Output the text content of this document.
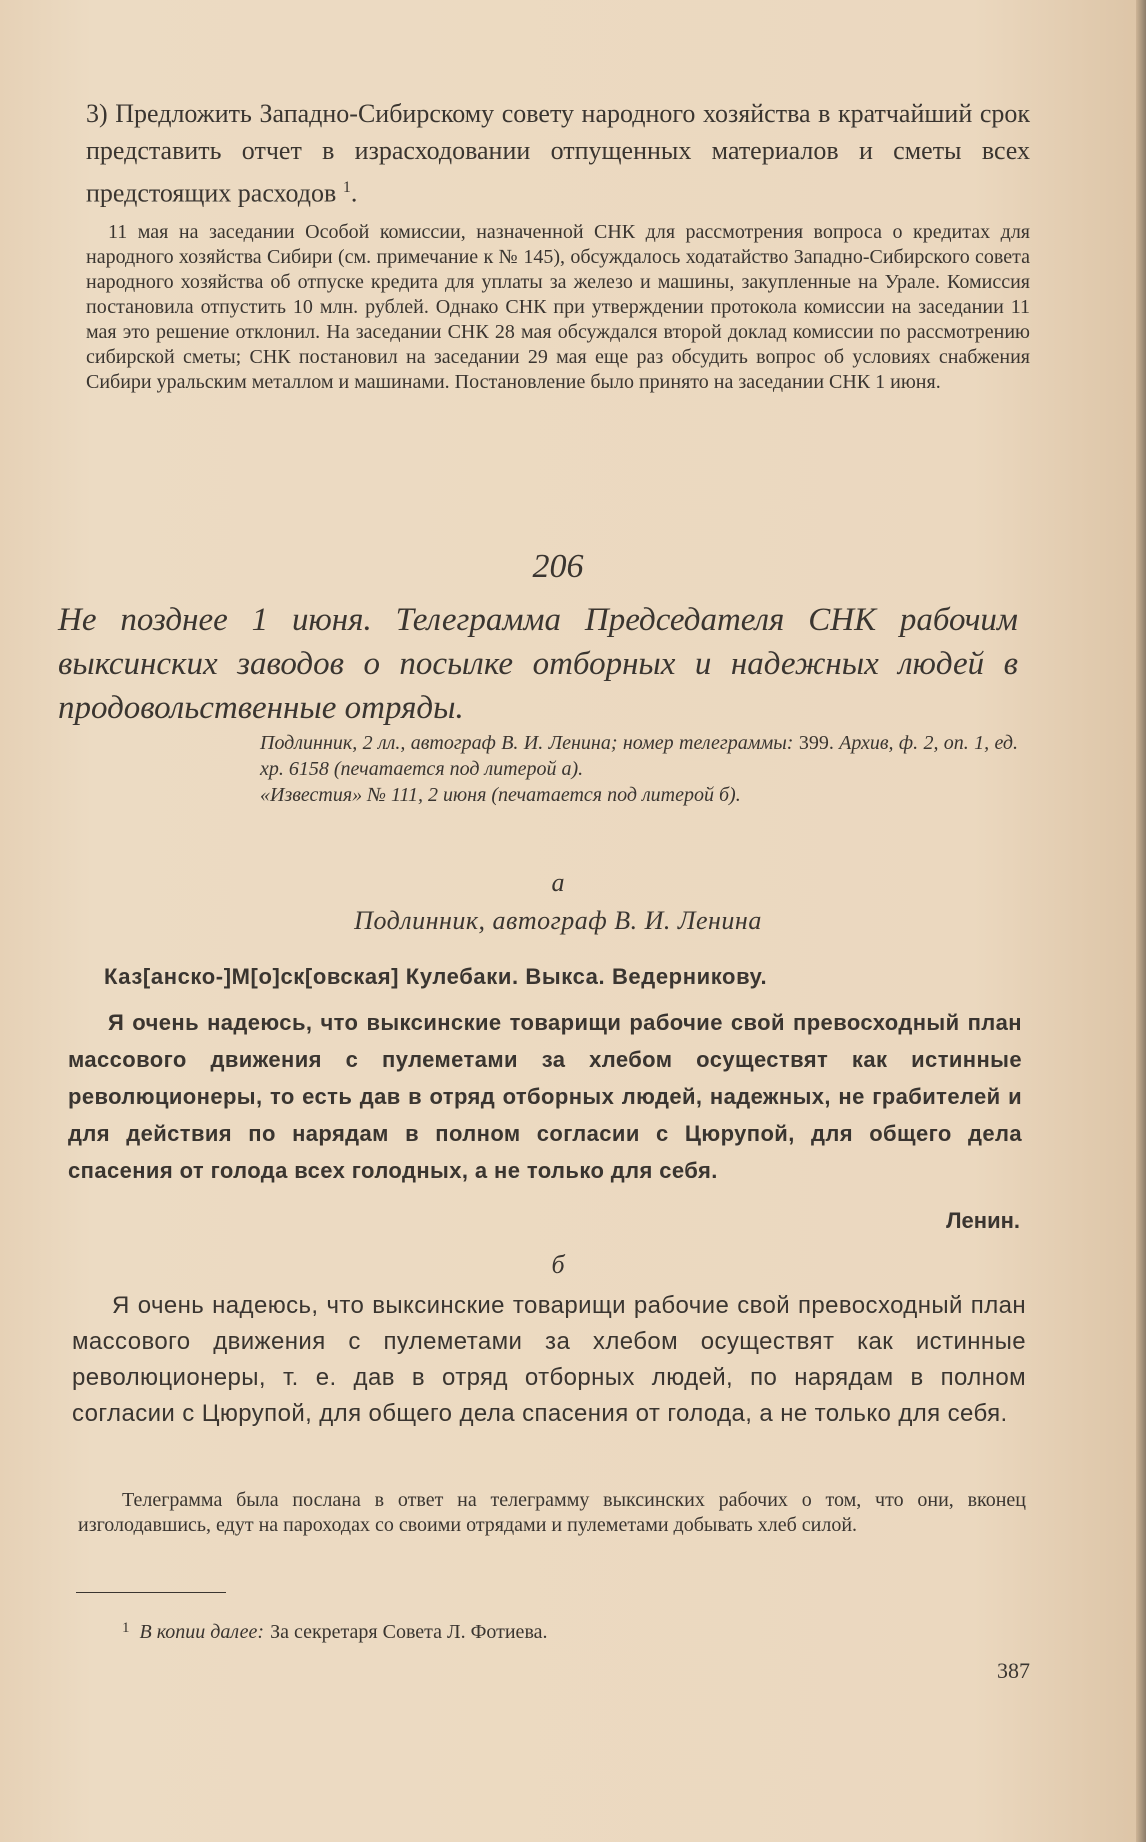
3) Предложить Западно-Сибирскому совету народного хозяйства в кратчайший срок представить отчет в израсходовании отпущенных материалов и сметы всех предстоящих расходов $^1$.

11 мая на заседании Особой комиссии, назначенной СНК для рассмотрения вопроса о кредитах для народного хозяйства Сибири (см. примечание к № 145), обсуждалось ходатайство Западно-Сибирского совета народного хозяйства об отпуске кредита для уплаты за железо и машины, закупленные на Урале. Комиссия постановила отпустить 10 млн. рублей. Однако СНК при утверждении протокола комиссии на заседании 11 мая это решение отклонил. На заседании СНК 28 мая обсуждался второй доклад комиссии по рассмотрению сибирской сметы; СНК постановил на заседании 29 мая еще раз обсудить вопрос об условиях снабжения Сибири уральским металлом и машинами. Постановление было принято на заседании СНК 1 июня.

206
Не позднее 1 июня. Телеграмма Председателя СНК рабочим выксинских заводов о посылке отборных и надежных людей в продовольственные отряды.

Подлинник, 2 лл., автограф В. И. Ленина; номер телеграммы: 399. Архив, ф. 2, оп. 1, ед. хр. 6158 (печатается под литерой а).

«Известия» № 111, 2 июня (печатается под литерой б).

а
Подлинник, автограф В. И. Ленина
Каз[анско-]М[о]ск[овская] Кулебаки. Выкса. Ведерникову.

Я очень надеюсь, что выксинские товарищи рабочие свой превосходный план массового движения с пулеметами за хлебом осуществят как истинные революционеры, то есть дав в отряд отборных людей, надежных, не грабителей и для действия по нарядам в полном согласии с Цюрупой, для общего дела спасения от голода всех голодных, а не только для себя.

Ленин.
б

Я очень надеюсь, что выксинские товарищи рабочие свой превосходный план массового движения с пулеметами за хлебом осуществят как истинные революционеры, т. е. дав в отряд отборных людей, по нарядам в полном согласии с Цюрупой, для общего дела спасения от голода, а не только для себя.

Телеграмма была послана в ответ на телеграмму выксинских рабочих о том, что они, вконец изголодавшись, едут на пароходах со своими отрядами и пулеметами добывать хлеб силой.

$^1$ В копии далее: За секретаря Совета Л. Фотиева.

387
